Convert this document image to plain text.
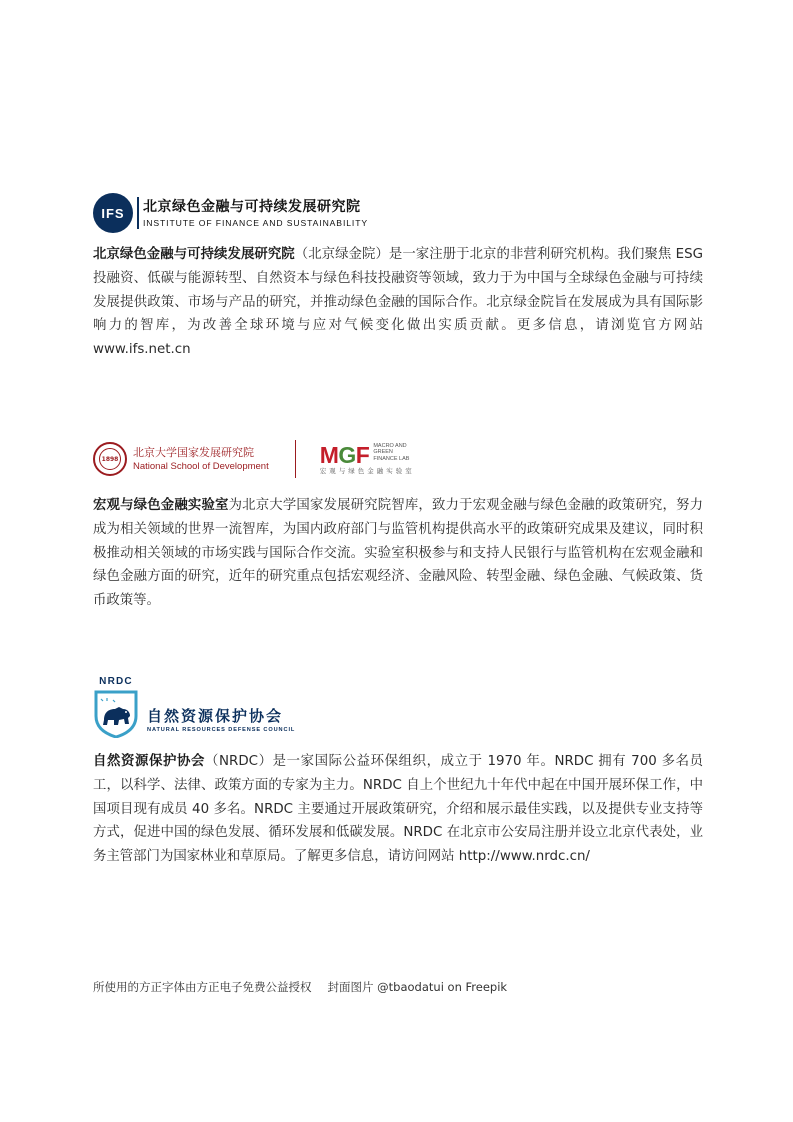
IFS	北京绿色金融与可持续发展研究院
INSTITUTE OF FINANCE AND SUSTAINABILITY

北京绿色金融与可持续发展研究院（北京绿金院）是一家注册于北京的非营利研究机构。我们聚焦 ESG 投融资、低碳与能源转型、自然资本与绿色科技投融资等领域，致力于为中国与全球绿色金融与可持续发展提供政策、市场与产品的研究，并推动绿色金融的国际合作。北京绿金院旨在发展成为具有国际影响力的智库，为改善全球环境与应对气候变化做出实质贡献。更多信息，请浏览官方网站 www.ifs.net.cn

1898
北京大学国家发展研究院
National School of Development MGF MACRO AND
GREEN
FINANCE LAB
宏观与绿色金融实验室

宏观与绿色金融实验室为北京大学国家发展研究院智库，致力于宏观金融与绿色金融的政策研究，努力成为相关领域的世界一流智库，为国内政府部门与监管机构提供高水平的政策研究成果及建议，同时积极推动相关领域的市场实践与国际合作交流。实验室积极参与和支持人民银行与监管机构在宏观金融和绿色金融方面的研究，近年的研究重点包括宏观经济、金融风险、转型金融、绿色金融、气候政策、货币政策等。

NRDC
自然资源保护协会
NATURAL RESOURCES DEFENSE COUNCIL

自然资源保护协会（NRDC）是一家国际公益环保组织，成立于 1970 年。NRDC 拥有 700 多名员工，以科学、法律、政策方面的专家为主力。NRDC 自上个世纪九十年代中起在中国开展环保工作，中国项目现有成员 40 多名。NRDC 主要通过开展政策研究，介绍和展示最佳实践，以及提供专业支持等方式，促进中国的绿色发展、循环发展和低碳发展。NRDC 在北京市公安局注册并设立北京代表处，业务主管部门为国家林业和草原局。了解更多信息，请访问网站 http://www.nrdc.cn/

所使用的方正字体由方正电子免费公益授权 封面图片 @tbaodatui on Freepik
